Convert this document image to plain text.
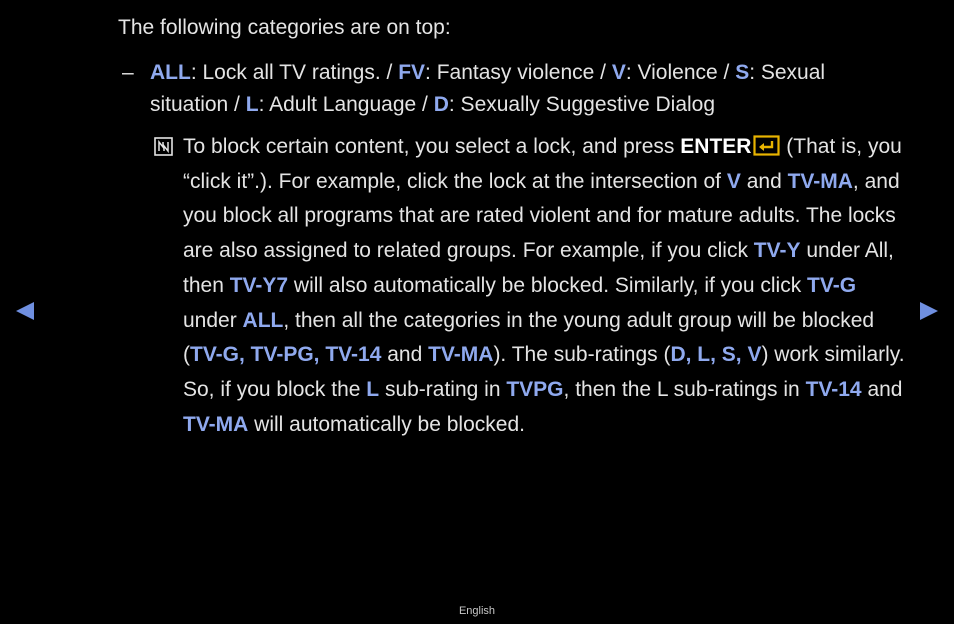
The following categories are on top:
– ALL: Lock all TV ratings. / FV: Fantasy violence / V: Violence / S: Sexual situation / L: Adult Language / D: Sexually Suggestive Dialog
To block certain content, you select a lock, and press ENTER (That is, you “click it”.). For example, click the lock at the intersection of V and TV-MA, and you block all programs that are rated violent and for mature adults. The locks are also assigned to related groups. For example, if you click TV-Y under All, then TV-Y7 will also automatically be blocked. Similarly, if you click TV-G under ALL, then all the categories in the young adult group will be blocked (TV-G, TV-PG, TV-14 and TV-MA). The sub-ratings (D, L, S, V) work similarly. So, if you block the L sub-rating in TVPG, then the L sub-ratings in TV-14 and TV-MA will automatically be blocked.
English
